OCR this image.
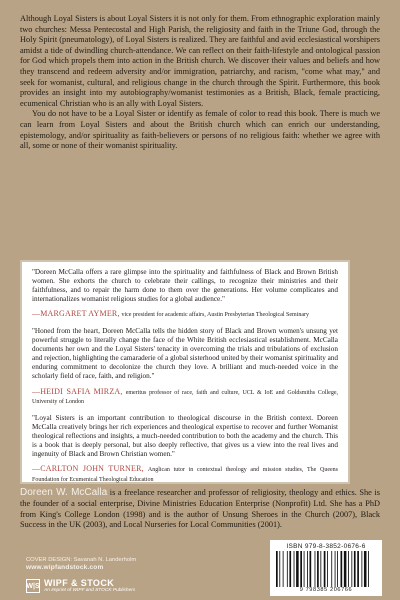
Although Loyal Sisters is about Loyal Sisters it is not only for them. From ethnographic exploration mainly two churches: Messa Pentecostal and High Parish, the religiosity and faith in the Triune God, through the Holy Spirit (pneumatology), of Loyal Sisters is realized. They are faithful and avid ecclesiastical worshipers amidst a tide of dwindling church-attendance. We can reflect on their faith-lifestyle and ontological passion for God which propels them into action in the British church. We discover their values and beliefs and how they transcend and redeem adversity and/or immigration, patriarchy, and racism, "come what may," and seek for womanist, cultural, and religious change in the church through the Spirit. Furthermore, this book provides an insight into my autobiography/womanist testimonies as a British, Black, female practicing, ecumenical Christian who is an ally with Loyal Sisters.

You do not have to be a Loyal Sister or identify as female of color to read this book. There is much we can learn from Loyal Sisters and about the British church which can enrich our understanding, epistemology, and/or spirituality as faith-believers or persons of no religious faith: whether we agree with all, some or none of their womanist spirituality.

"Doreen McCalla offers a rare glimpse into the spirituality and faithfulness of Black and Brown British women. She exhorts the church to celebrate their callings, to recognize their ministries and their faithfulness, and to repair the harm done to them over the generations. Her volume complicates and internationalizes womanist religious studies for a global audience."

—MARGARET AYMER, vice president for academic affairs, Austin Presbyterian Theological Seminary

"Honed from the heart, Doreen McCalla tells the hidden story of Black and Brown women's unsung yet powerful struggle to literally change the face of the White British ecclesiastical establishment. McCalla documents her own and the Loyal Sisters' tenacity in overcoming the trials and tribulations of exclusion and rejection, highlighting the camaraderie of a global sisterhood united by their womanist spirituality and enduring commitment to decolonize the church they love. A brilliant and much-needed voice in the scholarly field of race, faith, and religion."

—HEIDI SAFIA MIRZA, emeritus professor of race, faith and culture, UCL & IoE and Goldsmiths College, University of London

"Loyal Sisters is an important contribution to theological discourse in the British context. Doreen McCalla creatively brings her rich experiences and theological expertise to recover and further Womanist theological reflections and insights, a much-needed contribution to both the academy and the church. This is a book that is deeply personal, but also deeply reflective, that gives us a view into the real lives and ingenuity of Black and Brown Christian women."

—CARLTON JOHN TURNER, Anglican tutor in contextual theology and mission studies, The Queens Foundation for Ecumenical Theological Education

Doreen W. McCalla is a freelance researcher and professor of religiosity, theology and ethics. She is the founder of a social enterprise, Divine Ministries Education Enterprise (Nonprofit) Ltd. She has a PhD from King's College London (1998) and is the author of Unsung Sheroes in the Church (2007), Black Success in the UK (2003), and Local Nurseries for Local Communities (2001).

COVER DESIGN: Savanah N. Landerholm
www.wipfandstock.com
W|S WIPF & STOCK
An Imprint of WIPF and STOCK Publishers
ISBN 979-8-3852-0676-6
9 798385 206766
